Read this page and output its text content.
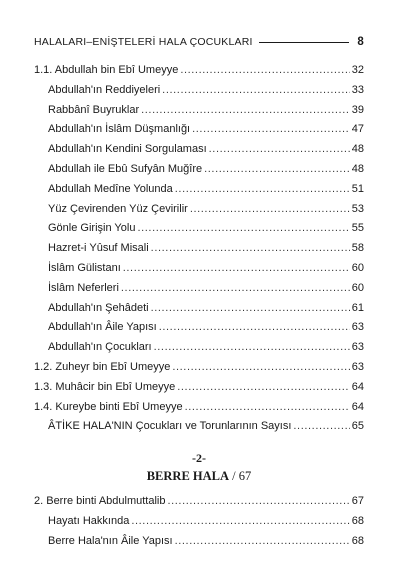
HALALARI–ENİŞTELERİ HALA ÇOCUKLARI	8
1.1. Abdullah bin Ebî Umeyye .....	32
Abdullah'ın Reddiyeleri .....	33
Rabbânî Buyruklar .....	39
Abdullah'ın İslâm Düşmanlığı .....	47
Abdullah'ın Kendini Sorgulaması .....	48
Abdullah ile Ebû Sufyân Muğîre .....	48
Abdullah Medîne Yolunda .....	51
Yüz Çevirenden Yüz Çevirilir .....	53
Gönle Girişin Yolu .....	55
Hazret-i Yûsuf Misali .....	58
İslâm Gülistanı .....	60
İslâm Neferleri .....	60
Abdullah'ın Şehâdeti .....	61
Abdullah'ın Âile Yapısı .....	63
Abdullah'ın Çocukları .....	63
1.2. Zuheyr bin Ebî Umeyye .....	63
1.3. Muhâcir bin Ebî Umeyye .....	64
1.4. Kureybe binti Ebî Umeyye .....	64
ÂTİKE HALA'NIN Çocukları ve Torunlarının Sayısı .....	65
-2-
BERRE HALA / 67
2. Berre binti Abdulmuttalib .....	67
Hayatı Hakkında .....	68
Berre Hala'nın Âile Yapısı .....	68
